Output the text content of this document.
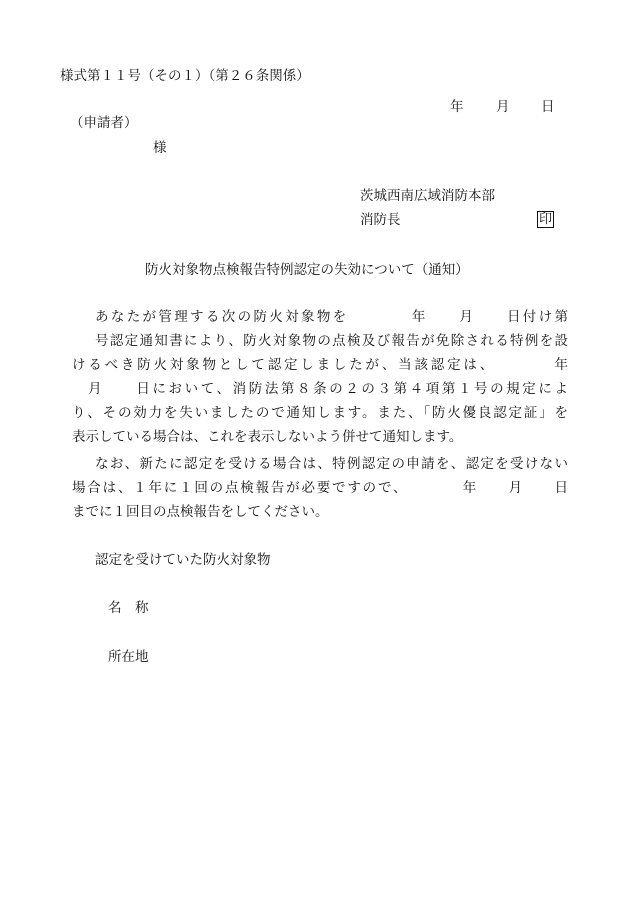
様式第１１号（その１）（第２６条関係）
年 月 日
（申請者）
様
茨城西南広域消防本部
消防長	印
防火対象物点検報告特例認定の失効について（通知）
あなたが管理する次の防火対象物を　　　　年　　月　　日付け第
号認定通知書により、防火対象物の点検及び報告が免除される特例を設
けるべき防火対象物として認定しましたが、当該認定は、　　　　年
　月　　日において、消防法第８条の２の３第４項第１号の規定によ
り、その効力を失いましたので通知します。また、「防火優良認定証」を
表示している場合は、これを表示しないよう併せて通知します。
なお、新たに認定を受ける場合は、特例認定の申請を、認定を受けない
場合は、１年に１回の点検報告が必要ですので、　　　　年　　月　　日
までに１回目の点検報告をしてください。
認定を受けていた防火対象物
名　称
所在地
